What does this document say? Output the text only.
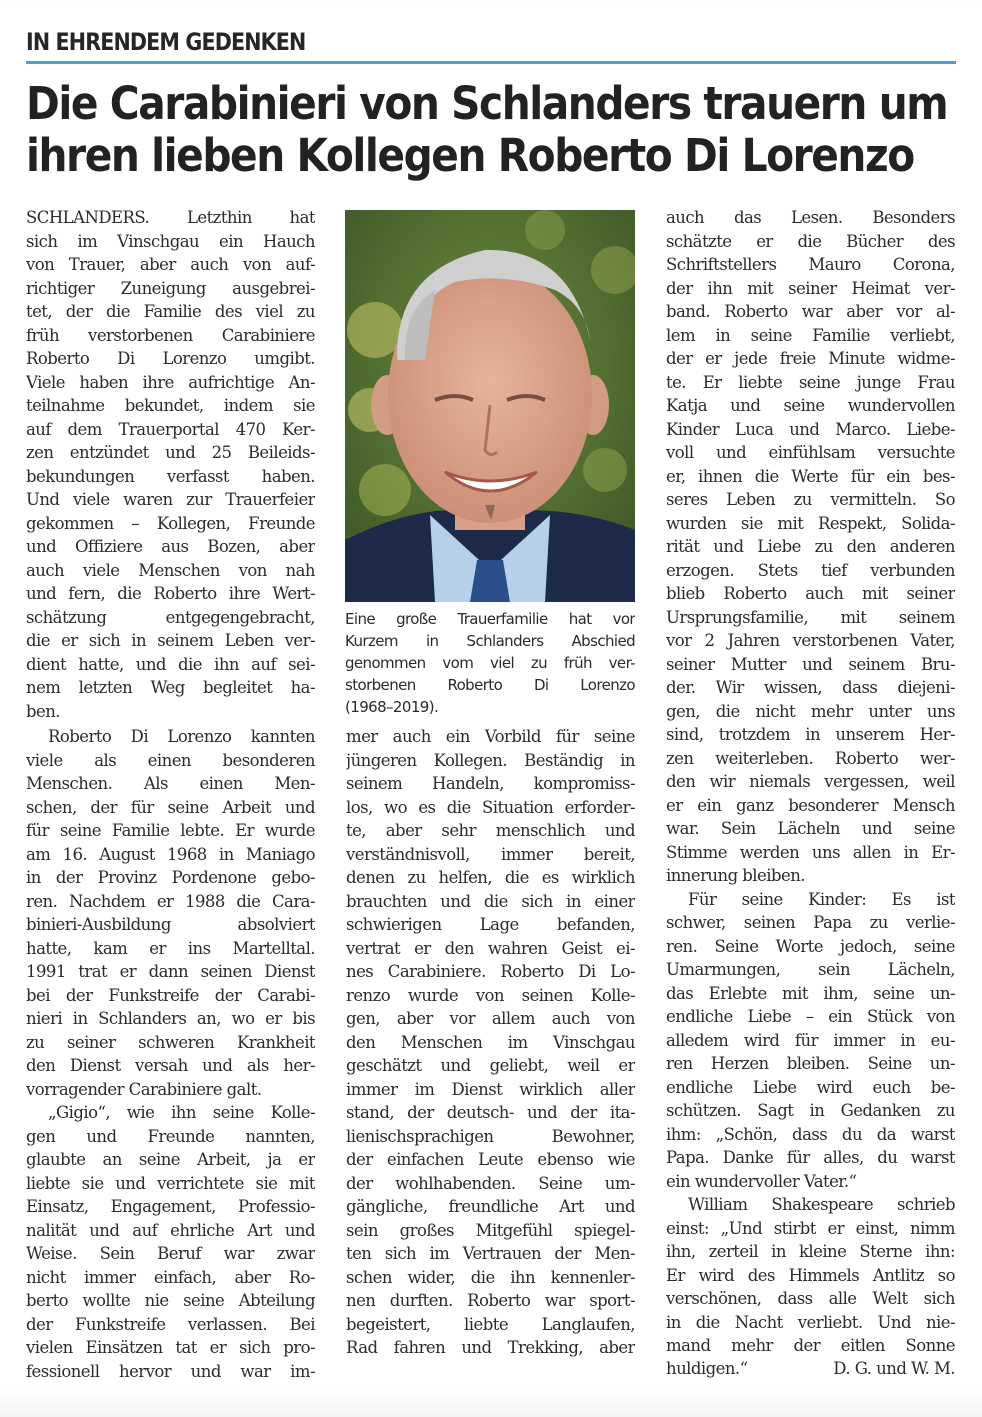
IN EHRENDEM GEDENKEN
Die Carabinieri von Schlanders trauern um
ihren lieben Kollegen Roberto Di Lorenzo
SCHLANDERS. Letzthin hat
sich im Vinschgau ein Hauch
von Trauer, aber auch von auf-
richtiger Zuneigung ausgebrei-
tet, der die Familie des viel zu
früh verstorbenen Carabiniere
Roberto Di Lorenzo umgibt.
Viele haben ihre aufrichtige An-
teilnahme bekundet, indem sie
auf dem Trauerportal 470 Ker-
zen entzündet und 25 Beileids-
bekundungen verfasst haben.
Und viele waren zur Trauerfeier
gekommen – Kollegen, Freunde
und Offiziere aus Bozen, aber
auch viele Menschen von nah
und fern, die Roberto ihre Wert-
schätzung entgegengebracht,
die er sich in seinem Leben ver-
dient hatte, und die ihn auf sei-
nem letzten Weg begleitet ha-
ben.
Roberto Di Lorenzo kannten
viele als einen besonderen
Menschen. Als einen Men-
schen, der für seine Arbeit und
für seine Familie lebte. Er wurde
am 16. August 1968 in Maniago
in der Provinz Pordenone gebo-
ren. Nachdem er 1988 die Cara-
binieri-Ausbildung absolviert
hatte, kam er ins Martelltal.
1991 trat er dann seinen Dienst
bei der Funkstreife der Carabi-
nieri in Schlanders an, wo er bis
zu seiner schweren Krankheit
den Dienst versah und als her-
vorragender Carabiniere galt.
„Gigio“, wie ihn seine Kolle-
gen und Freunde nannten,
glaubte an seine Arbeit, ja er
liebte sie und verrichtete sie mit
Einsatz, Engagement, Professio-
nalität und auf ehrliche Art und
Weise. Sein Beruf war zwar
nicht immer einfach, aber Ro-
berto wollte nie seine Abteilung
der Funkstreife verlassen. Bei
vielen Einsätzen tat er sich pro-
fessionell hervor und war im-
Eine große Trauerfamilie hat vor
Kurzem in Schlanders Abschied
genommen vom viel zu früh ver-
storbenen Roberto Di Lorenzo
(1968–2019).
mer auch ein Vorbild für seine
jüngeren Kollegen. Beständig in
seinem Handeln, kompromiss-
los, wo es die Situation erforder-
te, aber sehr menschlich und
verständnisvoll, immer bereit,
denen zu helfen, die es wirklich
brauchten und die sich in einer
schwierigen Lage befanden,
vertrat er den wahren Geist ei-
nes Carabiniere. Roberto Di Lo-
renzo wurde von seinen Kolle-
gen, aber vor allem auch von
den Menschen im Vinschgau
geschätzt und geliebt, weil er
immer im Dienst wirklich aller
stand, der deutsch- und der ita-
lienischsprachigen Bewohner,
der einfachen Leute ebenso wie
der wohlhabenden. Seine um-
gängliche, freundliche Art und
sein großes Mitgefühl spiegel-
ten sich im Vertrauen der Men-
schen wider, die ihn kennenler-
nen durften. Roberto war sport-
begeistert, liebte Langlaufen,
Rad fahren und Trekking, aber
auch das Lesen. Besonders
schätzte er die Bücher des
Schriftstellers Mauro Corona,
der ihn mit seiner Heimat ver-
band. Roberto war aber vor al-
lem in seine Familie verliebt,
der er jede freie Minute widme-
te. Er liebte seine junge Frau
Katja und seine wundervollen
Kinder Luca und Marco. Liebe-
voll und einfühlsam versuchte
er, ihnen die Werte für ein bes-
seres Leben zu vermitteln. So
wurden sie mit Respekt, Solida-
rität und Liebe zu den anderen
erzogen. Stets tief verbunden
blieb Roberto auch mit seiner
Ursprungsfamilie, mit seinem
vor 2 Jahren verstorbenen Vater,
seiner Mutter und seinem Bru-
der. Wir wissen, dass diejeni-
gen, die nicht mehr unter uns
sind, trotzdem in unserem Her-
zen weiterleben. Roberto wer-
den wir niemals vergessen, weil
er ein ganz besonderer Mensch
war. Sein Lächeln und seine
Stimme werden uns allen in Er-
innerung bleiben.
Für seine Kinder: Es ist
schwer, seinen Papa zu verlie-
ren. Seine Worte jedoch, seine
Umarmungen, sein Lächeln,
das Erlebte mit ihm, seine un-
endliche Liebe – ein Stück von
alledem wird für immer in eu-
ren Herzen bleiben. Seine un-
endliche Liebe wird euch be-
schützen. Sagt in Gedanken zu
ihm: „Schön, dass du da warst
Papa. Danke für alles, du warst
ein wundervoller Vater.“
William Shakespeare schrieb
einst: „Und stirbt er einst, nimm
ihn, zerteil in kleine Sterne ihn:
Er wird des Himmels Antlitz so
verschönen, dass alle Welt sich
in die Nacht verliebt. Und nie-
mand mehr der eitlen Sonne
huldigen.“	D. G. und W. M.
